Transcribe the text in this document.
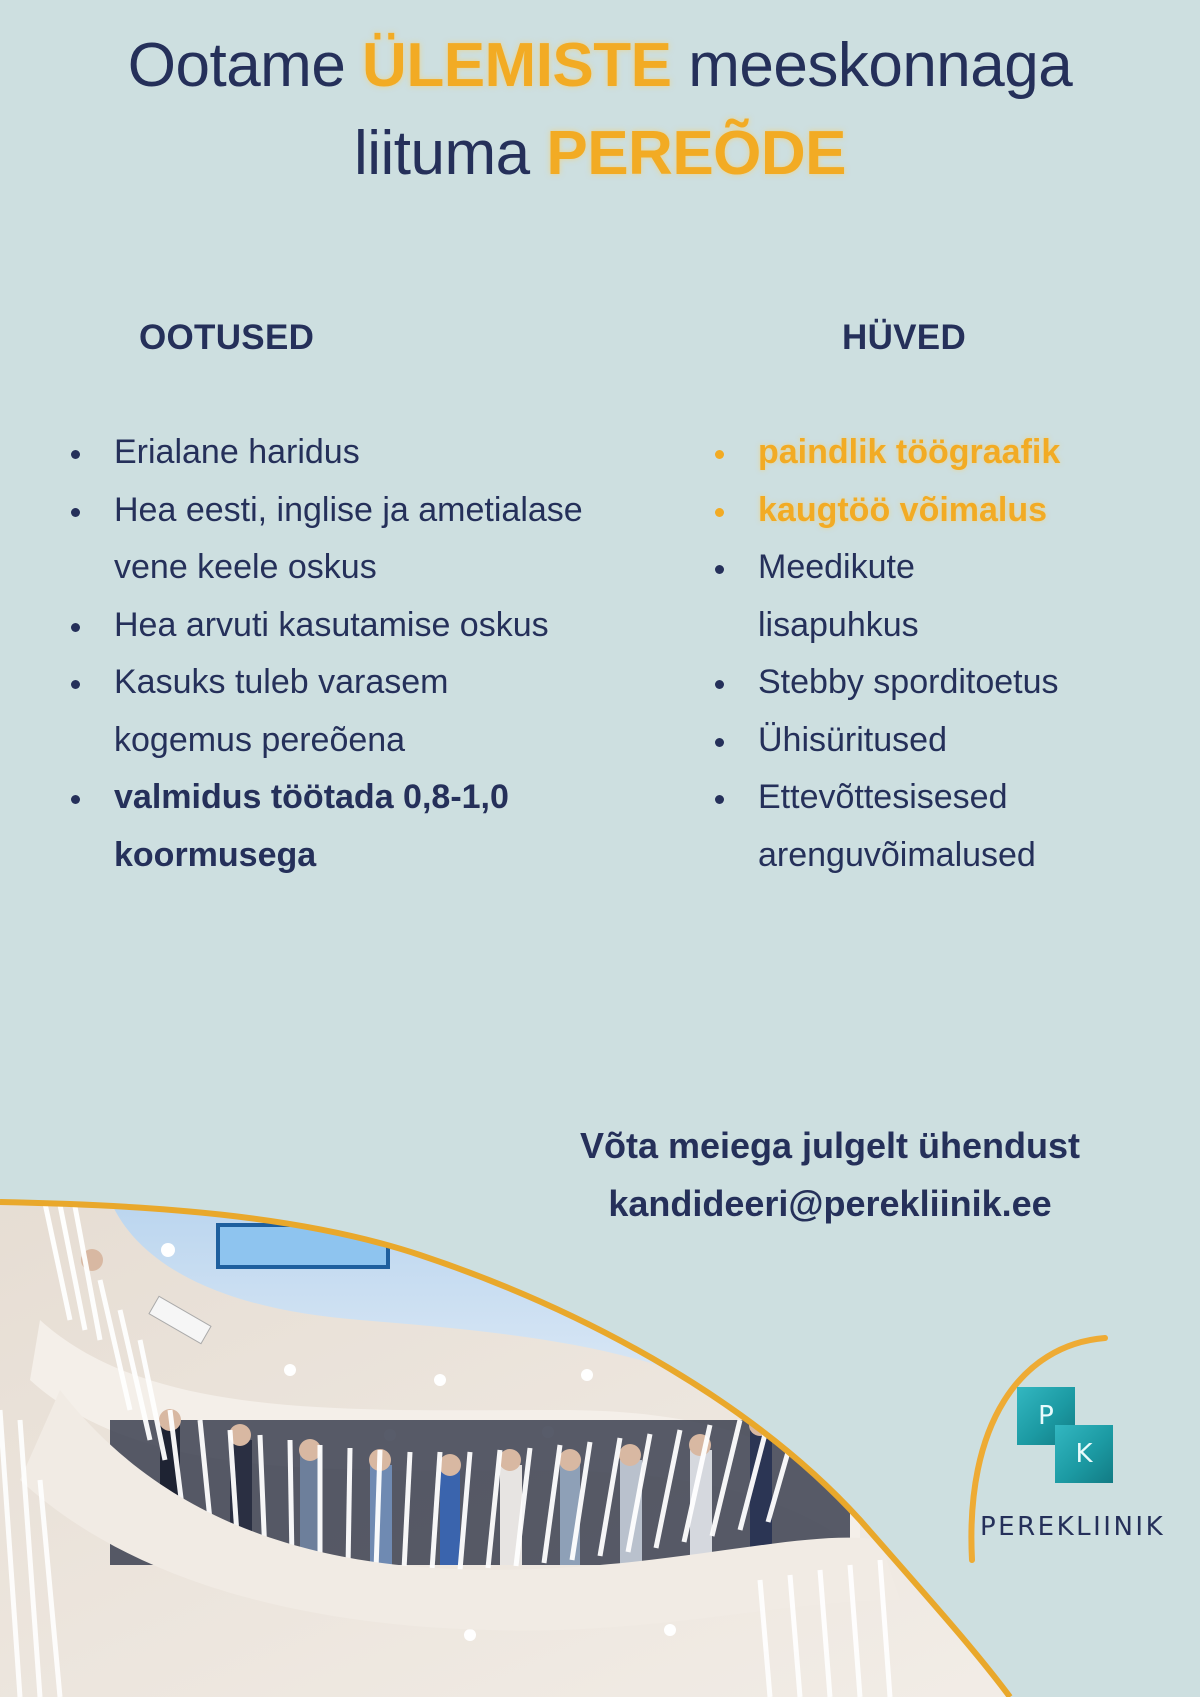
Ootame ÜLEMISTE meeskonnaga
liituma PEREÕDE
OOTUSED	HÜVED
Erialane haridus
Hea eesti, inglise ja ametialase vene keele oskus
Hea arvuti kasutamise oskus
Kasuks tuleb varasem kogemus pereõena
valmidus töötada 0,8-1,0 koormusega
paindlik töögraafik
kaugtöö võimalus
Meedikute lisapuhkus
Stebby sporditoetus
Ühisüritused
Ettevõttesisesed arenguvõimalused
Võta meiega julgelt ühendust
kandideeri@perekliinik.ee
P
K
PEREKLIINIK
